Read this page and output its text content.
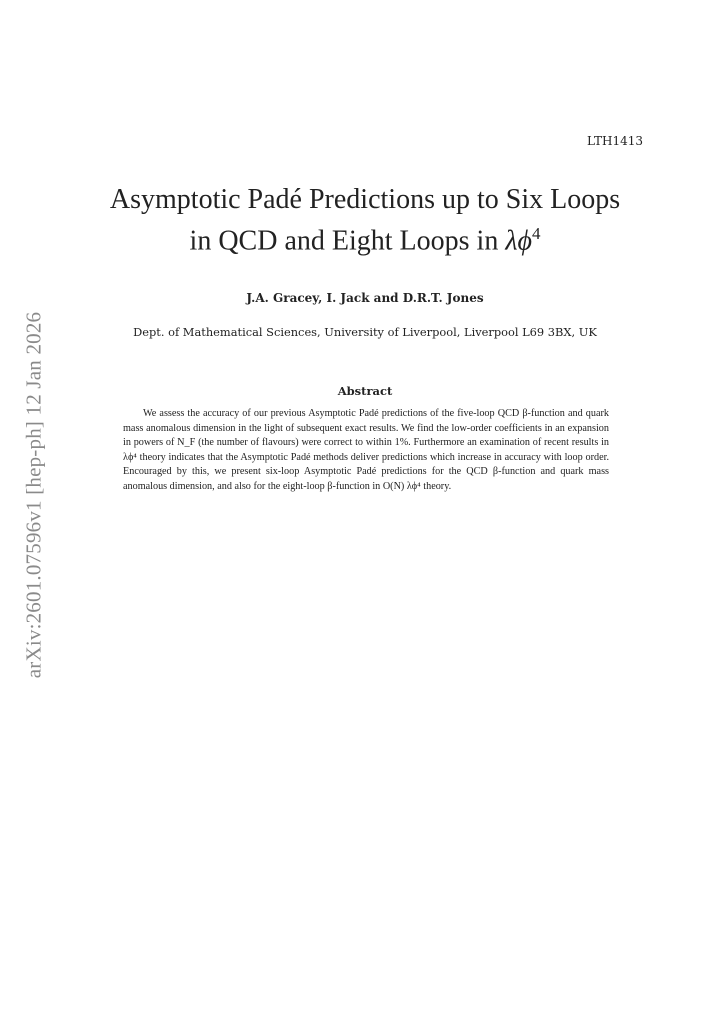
LTH1413
Asymptotic Padé Predictions up to Six Loops
in QCD and Eight Loops in $\lambda\phi^4$
J.A. Gracey, I. Jack and D.R.T. Jones
Dept. of Mathematical Sciences, University of Liverpool, Liverpool L69 3BX, UK
Abstract
We assess the accuracy of our previous Asymptotic Padé predictions of the five-loop QCD β-function and quark mass anomalous dimension in the light of subsequent exact results. We find the low-order coefficients in an expansion in powers of N_F (the number of flavours) were correct to within 1%. Furthermore an examination of recent results in λϕ⁴ theory indicates that the Asymptotic Padé methods deliver predictions which increase in accuracy with loop order. Encouraged by this, we present six-loop Asymptotic Padé predictions for the QCD β-function and quark mass anomalous dimension, and also for the eight-loop β-function in O(N) λϕ⁴ theory.
arXiv:2601.07596v1 [hep-ph] 12 Jan 2026
